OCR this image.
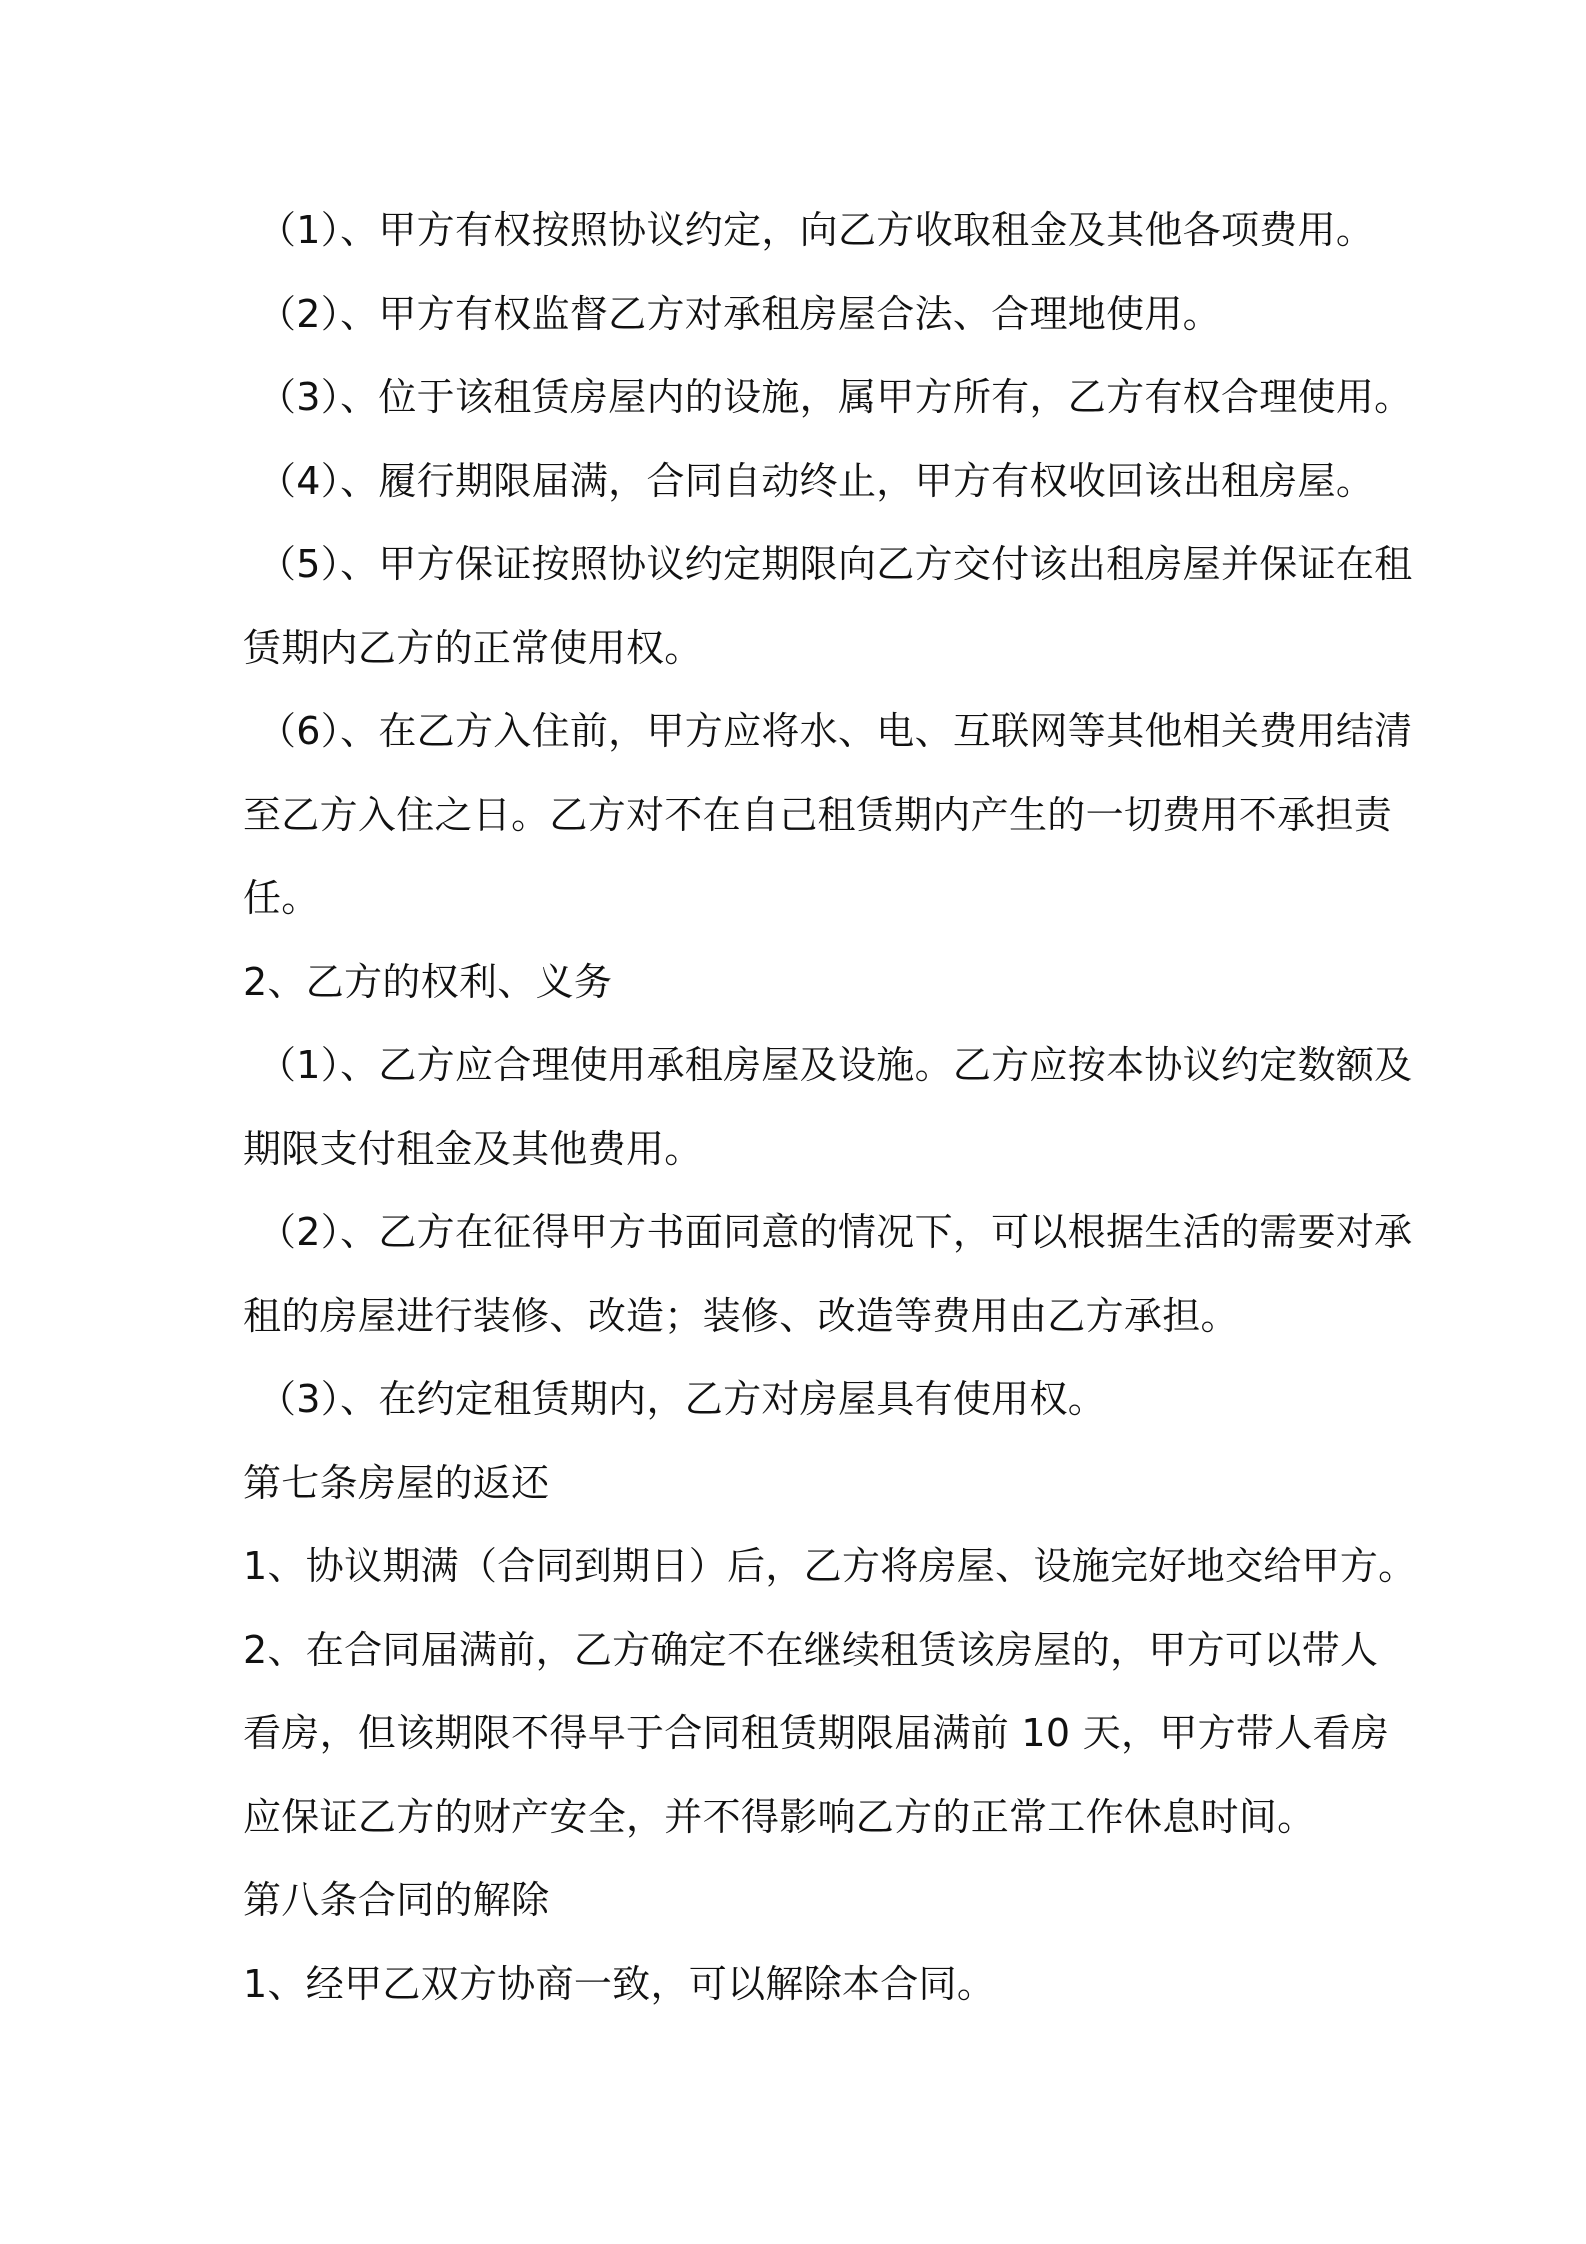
（1）、甲方有权按照协议约定，向乙方收取租金及其他各项费用。
（2）、甲方有权监督乙方对承租房屋合法、合理地使用。
（3）、位于该租赁房屋内的设施，属甲方所有，乙方有权合理使用。
（4）、履行期限届满，合同自动终止，甲方有权收回该出租房屋。
（5）、甲方保证按照协议约定期限向乙方交付该出租房屋并保证在租
赁期内乙方的正常使用权。
（6）、在乙方入住前，甲方应将水、电、互联网等其他相关费用结清
至乙方入住之日。乙方对不在自己租赁期内产生的一切费用不承担责
任。
2、乙方的权利、义务
（1）、乙方应合理使用承租房屋及设施。乙方应按本协议约定数额及
期限支付租金及其他费用。
（2）、乙方在征得甲方书面同意的情况下，可以根据生活的需要对承
租的房屋进行装修、改造；装修、改造等费用由乙方承担。
（3）、在约定租赁期内，乙方对房屋具有使用权。
第七条房屋的返还
1、协议期满（合同到期日）后，乙方将房屋、设施完好地交给甲方。
2、在合同届满前，乙方确定不在继续租赁该房屋的，甲方可以带人
看房，但该期限不得早于合同租赁期限届满前 10 天，甲方带人看房
应保证乙方的财产安全，并不得影响乙方的正常工作休息时间。
第八条合同的解除
1、经甲乙双方协商一致，可以解除本合同。
